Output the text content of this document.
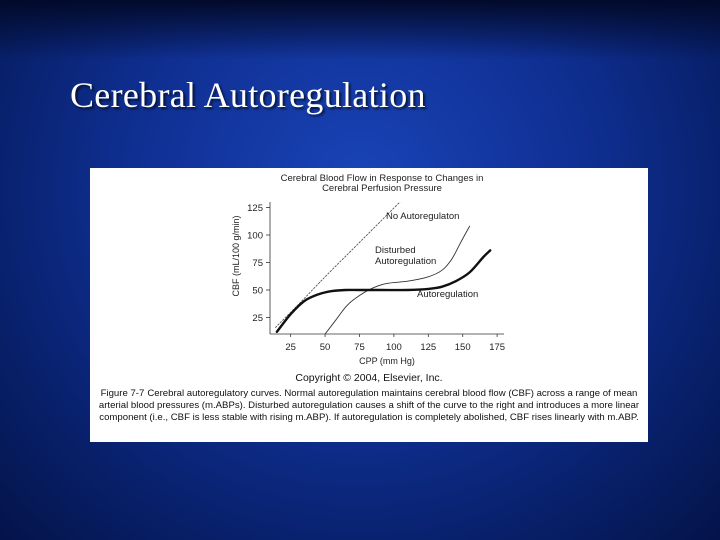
Cerebral Autoregulation
Cerebral Blood Flow in Response to Changes in
Cerebral Perfusion Pressure
CBF (mL/100 g/min)
CPP (mm Hg)
25	50	75 100 125 150 175
25
50
75
100
125
No Autoregulaton
Disturbed
Autoregulation
Autoregulation
Copyright © 2004, Elsevier, Inc.
Figure 7-7 Cerebral autoregulatory curves. Normal autoregulation maintains cerebral blood flow (CBF) across a range of mean arterial blood pressures (m.ABPs). Disturbed autoregulation causes a shift of the curve to the right and introduces a more linear component (i.e., CBF is less stable with rising m.ABP). If autoregulation is completely abolished, CBF rises linearly with m.ABP.
